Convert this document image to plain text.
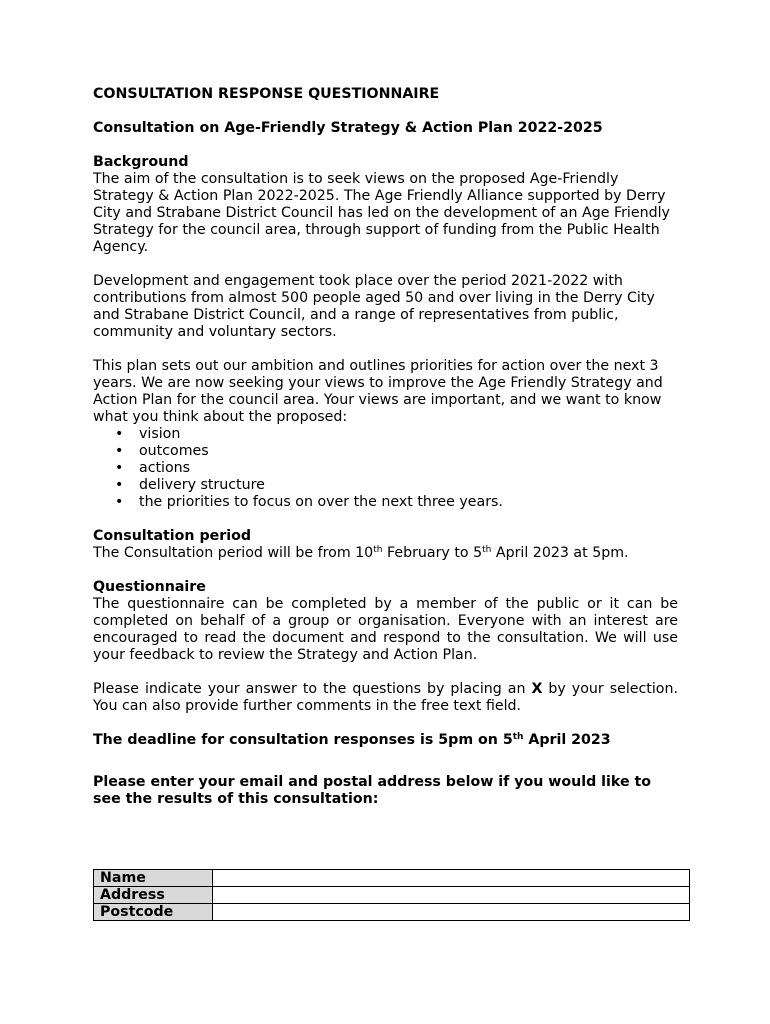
CONSULTATION RESPONSE QUESTIONNAIRE

Consultation on Age-Friendly Strategy & Action Plan 2022-2025

Background

The aim of the consultation is to seek views on the proposed Age-Friendly Strategy & Action Plan 2022-2025. The Age Friendly Alliance supported by Derry City and Strabane District Council has led on the development of an Age Friendly Strategy for the council area, through support of funding from the Public Health Agency.

Development and engagement took place over the period 2021-2022 with contributions from almost 500 people aged 50 and over living in the Derry City and Strabane District Council, and a range of representatives from public, community and voluntary sectors.

This plan sets out our ambition and outlines priorities for action over the next 3 years. We are now seeking your views to improve the Age Friendly Strategy and Action Plan for the council area. Your views are important, and we want to know what you think about the proposed:

• vision
• outcomes
• actions
• delivery structure
• the priorities to focus on over the next three years.

Consultation period

The Consultation period will be from 10th February to 5th April 2023 at 5pm.

Questionnaire

The questionnaire can be completed by a member of the public or it can be completed on behalf of a group or organisation. Everyone with an interest are encouraged to read the document and respond to the consultation. We will use your feedback to review the Strategy and Action Plan.

Please indicate your answer to the questions by placing an X by your selection. You can also provide further comments in the free text field.

The deadline for consultation responses is 5pm on 5th April 2023

Please enter your email and postal address below if you would like to see the results of this consultation:

Name	
Address	
Postcode	
